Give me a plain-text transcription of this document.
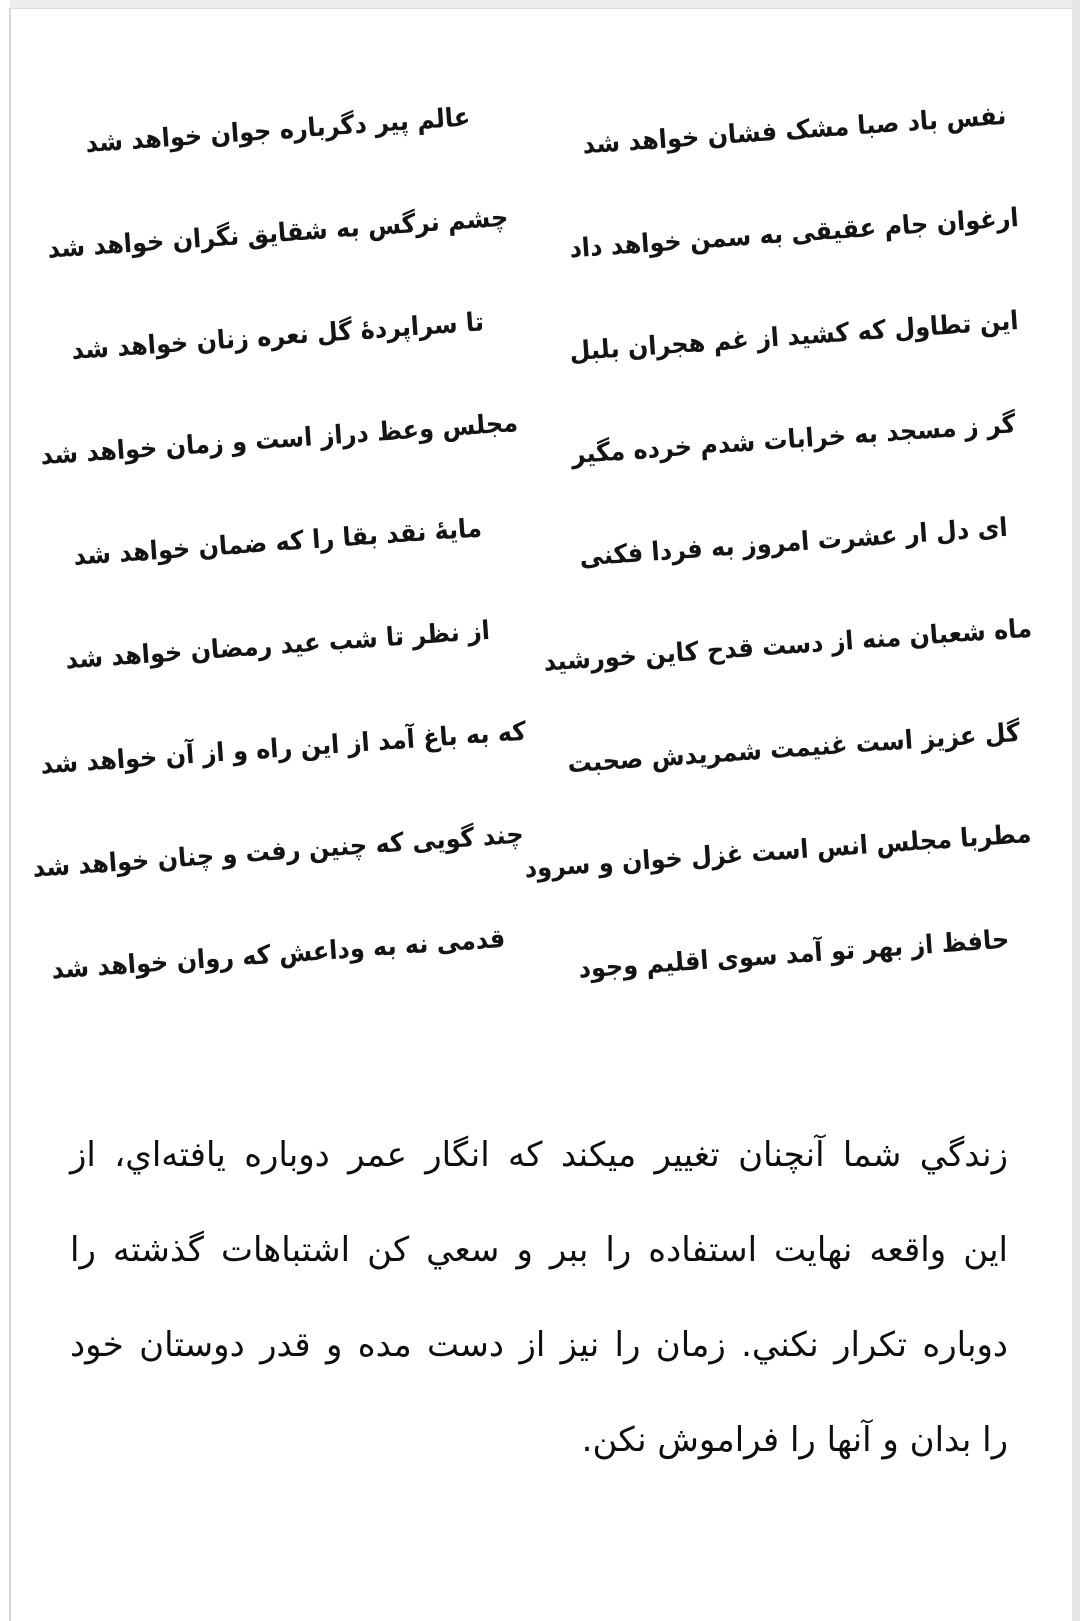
نفس باد صبا مشک فشان خواهد شد
عالم پیر دگرباره جوان خواهد شد
ارغوان جام عقیقی به سمن خواهد داد
چشم نرگس به شقایق نگران خواهد شد
این تطاول که کشید از غم هجران بلبل
تا سراپردهٔ گل نعره زنان خواهد شد
گر ز مسجد به خرابات شدم خرده مگیر
مجلس وعظ دراز است و زمان خواهد شد
ای دل ار عشرت امروز به فردا فکنی
مایهٔ نقد بقا را که ضمان خواهد شد
ماه شعبان منه از دست قدح کاین خورشید
از نظر تا شب عید رمضان خواهد شد
گل عزیز است غنیمت شمریدش صحبت
که به باغ آمد از این راه و از آن خواهد شد
مطربا مجلس انس است غزل خوان و سرود
چند گویی که چنین رفت و چنان خواهد شد
حافظ از بهر تو آمد سوی اقلیم وجود
قدمی نه به وداعش که روان خواهد شد
زندگي شما آنچنان تغيير ميكند كه انگار عمر دوباره يافته‌اي، از
اين واقعه نهايت استفاده را ببر و سعي كن اشتباهات گذشته را
دوباره تكرار نكني. زمان را نيز از دست مده و قدر دوستان خود
را بدان و آنها را فراموش نكن.
